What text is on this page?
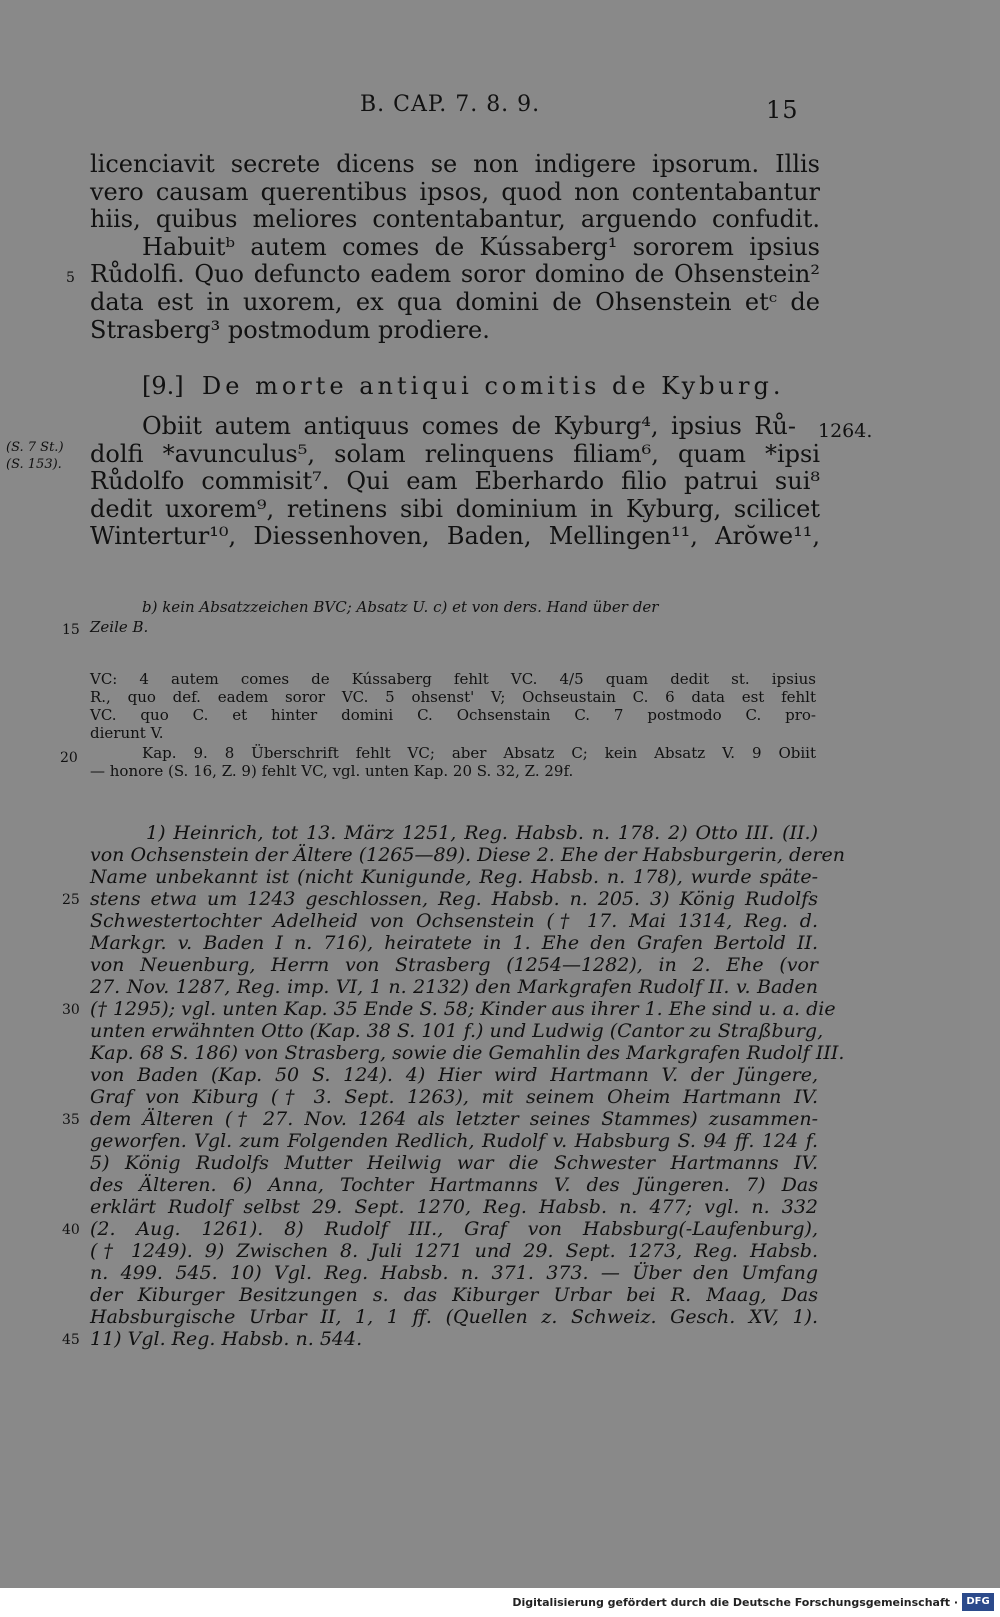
B. CAP. 7. 8. 9.	15
licenciavit secrete dicens se non indigere ipsorum. Illis
vero causam querentibus ipsos, quod non contentabantur
hiis, quibus meliores contentabantur, arguendo confudit.
Habuitᵇ autem comes de Kússaberg¹ sororem ipsius
Růdolfi. Quo defuncto eadem soror domino de Ohsenstein²
data est in uxorem, ex qua domini de Ohsenstein etᶜ de
Strasberg³ postmodum prodiere.
5
[9.] De morte antiqui comitis de Kyburg.
Obiit autem antiquus comes de Kyburg⁴, ipsius Rů-
dolfi *avunculus⁵, solam relinquens filiam⁶, quam *ipsi
Růdolfo commisit⁷. Qui eam Eberhardo filio patrui sui⁸
dedit uxorem⁹, retinens sibi dominium in Kyburg, scilicet
Wintertur¹⁰, Diessenhoven, Baden, Mellingen¹¹, Arŏwe¹¹,
1264.
(S. 7 St.)
(S. 153).
b) kein Absatzzeichen BVC; Absatz U. c) et von ders. Hand über der
Zeile B.
15
VC: 4 autem comes de Kússaberg fehlt VC. 4/5 quam dedit st. ipsius
R., quo def. eadem soror VC. 5 ohsenst' V; Ochseustain C. 6 data est fehlt
VC. quo C. et hinter domini C. Ochsenstain C. 7 postmodo C. pro-
dierunt V.
Kap. 9. 8 Überschrift fehlt VC; aber Absatz C; kein Absatz V. 9 Obiit
— honore (S. 16, Z. 9) fehlt VC, vgl. unten Kap. 20 S. 32, Z. 29f.
20
1) Heinrich, tot 13. März 1251, Reg. Habsb. n. 178. 2) Otto III. (II.)
von Ochsenstein der Ältere (1265—89). Diese 2. Ehe der Habsburgerin, deren
Name unbekannt ist (nicht Kunigunde, Reg. Habsb. n. 178), wurde späte-
stens etwa um 1243 geschlossen, Reg. Habsb. n. 205. 3) König Rudolfs
Schwestertochter Adelheid von Ochsenstein († 17. Mai 1314, Reg. d.
Markgr. v. Baden I n. 716), heiratete in 1. Ehe den Grafen Bertold II.
von Neuenburg, Herrn von Strasberg (1254—1282), in 2. Ehe (vor
27. Nov. 1287, Reg. imp. VI, 1 n. 2132) den Markgrafen Rudolf II. v. Baden
(† 1295); vgl. unten Kap. 35 Ende S. 58; Kinder aus ihrer 1. Ehe sind u. a. die
unten erwähnten Otto (Kap. 38 S. 101 f.) und Ludwig (Cantor zu Straßburg,
Kap. 68 S. 186) von Strasberg, sowie die Gemahlin des Markgrafen Rudolf III.
von Baden (Kap. 50 S. 124). 4) Hier wird Hartmann V. der Jüngere,
Graf von Kiburg († 3. Sept. 1263), mit seinem Oheim Hartmann IV.
dem Älteren († 27. Nov. 1264 als letzter seines Stammes) zusammen-
geworfen. Vgl. zum Folgenden Redlich, Rudolf v. Habsburg S. 94 ff. 124 f.
5) König Rudolfs Mutter Heilwig war die Schwester Hartmanns IV.
des Älteren. 6) Anna, Tochter Hartmanns V. des Jüngeren. 7) Das
erklärt Rudolf selbst 29. Sept. 1270, Reg. Habsb. n. 477; vgl. n. 332
(2. Aug. 1261). 8) Rudolf III., Graf von Habsburg(-Laufenburg),
(† 1249). 9) Zwischen 8. Juli 1271 und 29. Sept. 1273, Reg. Habsb.
n. 499. 545. 10) Vgl. Reg. Habsb. n. 371. 373. — Über den Umfang
der Kiburger Besitzungen s. das Kiburger Urbar bei R. Maag, Das
Habsburgische Urbar II, 1, 1 ff. (Quellen z. Schweiz. Gesch. XV, 1).
11) Vgl. Reg. Habsb. n. 544.
25
30
35
40
45
Digitalisierung gefördert durch die Deutsche Forschungsgemeinschaft · DFG
